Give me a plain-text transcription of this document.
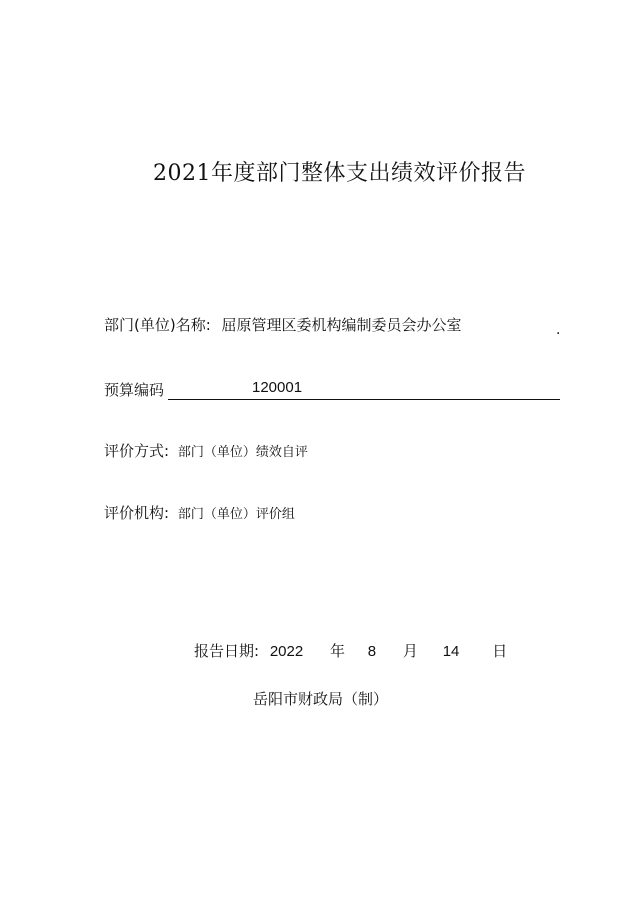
2021年度部门整体支出绩效评价报告
部门(单位)名称: 屈原管理区委机构编制委员会办公室	.
预算编码	120001
评价方式: 部门（单位）绩效自评
评价机构: 部门（单位）评价组
报告日期: 2022 年 8 月 14 日
岳阳市财政局（制）
